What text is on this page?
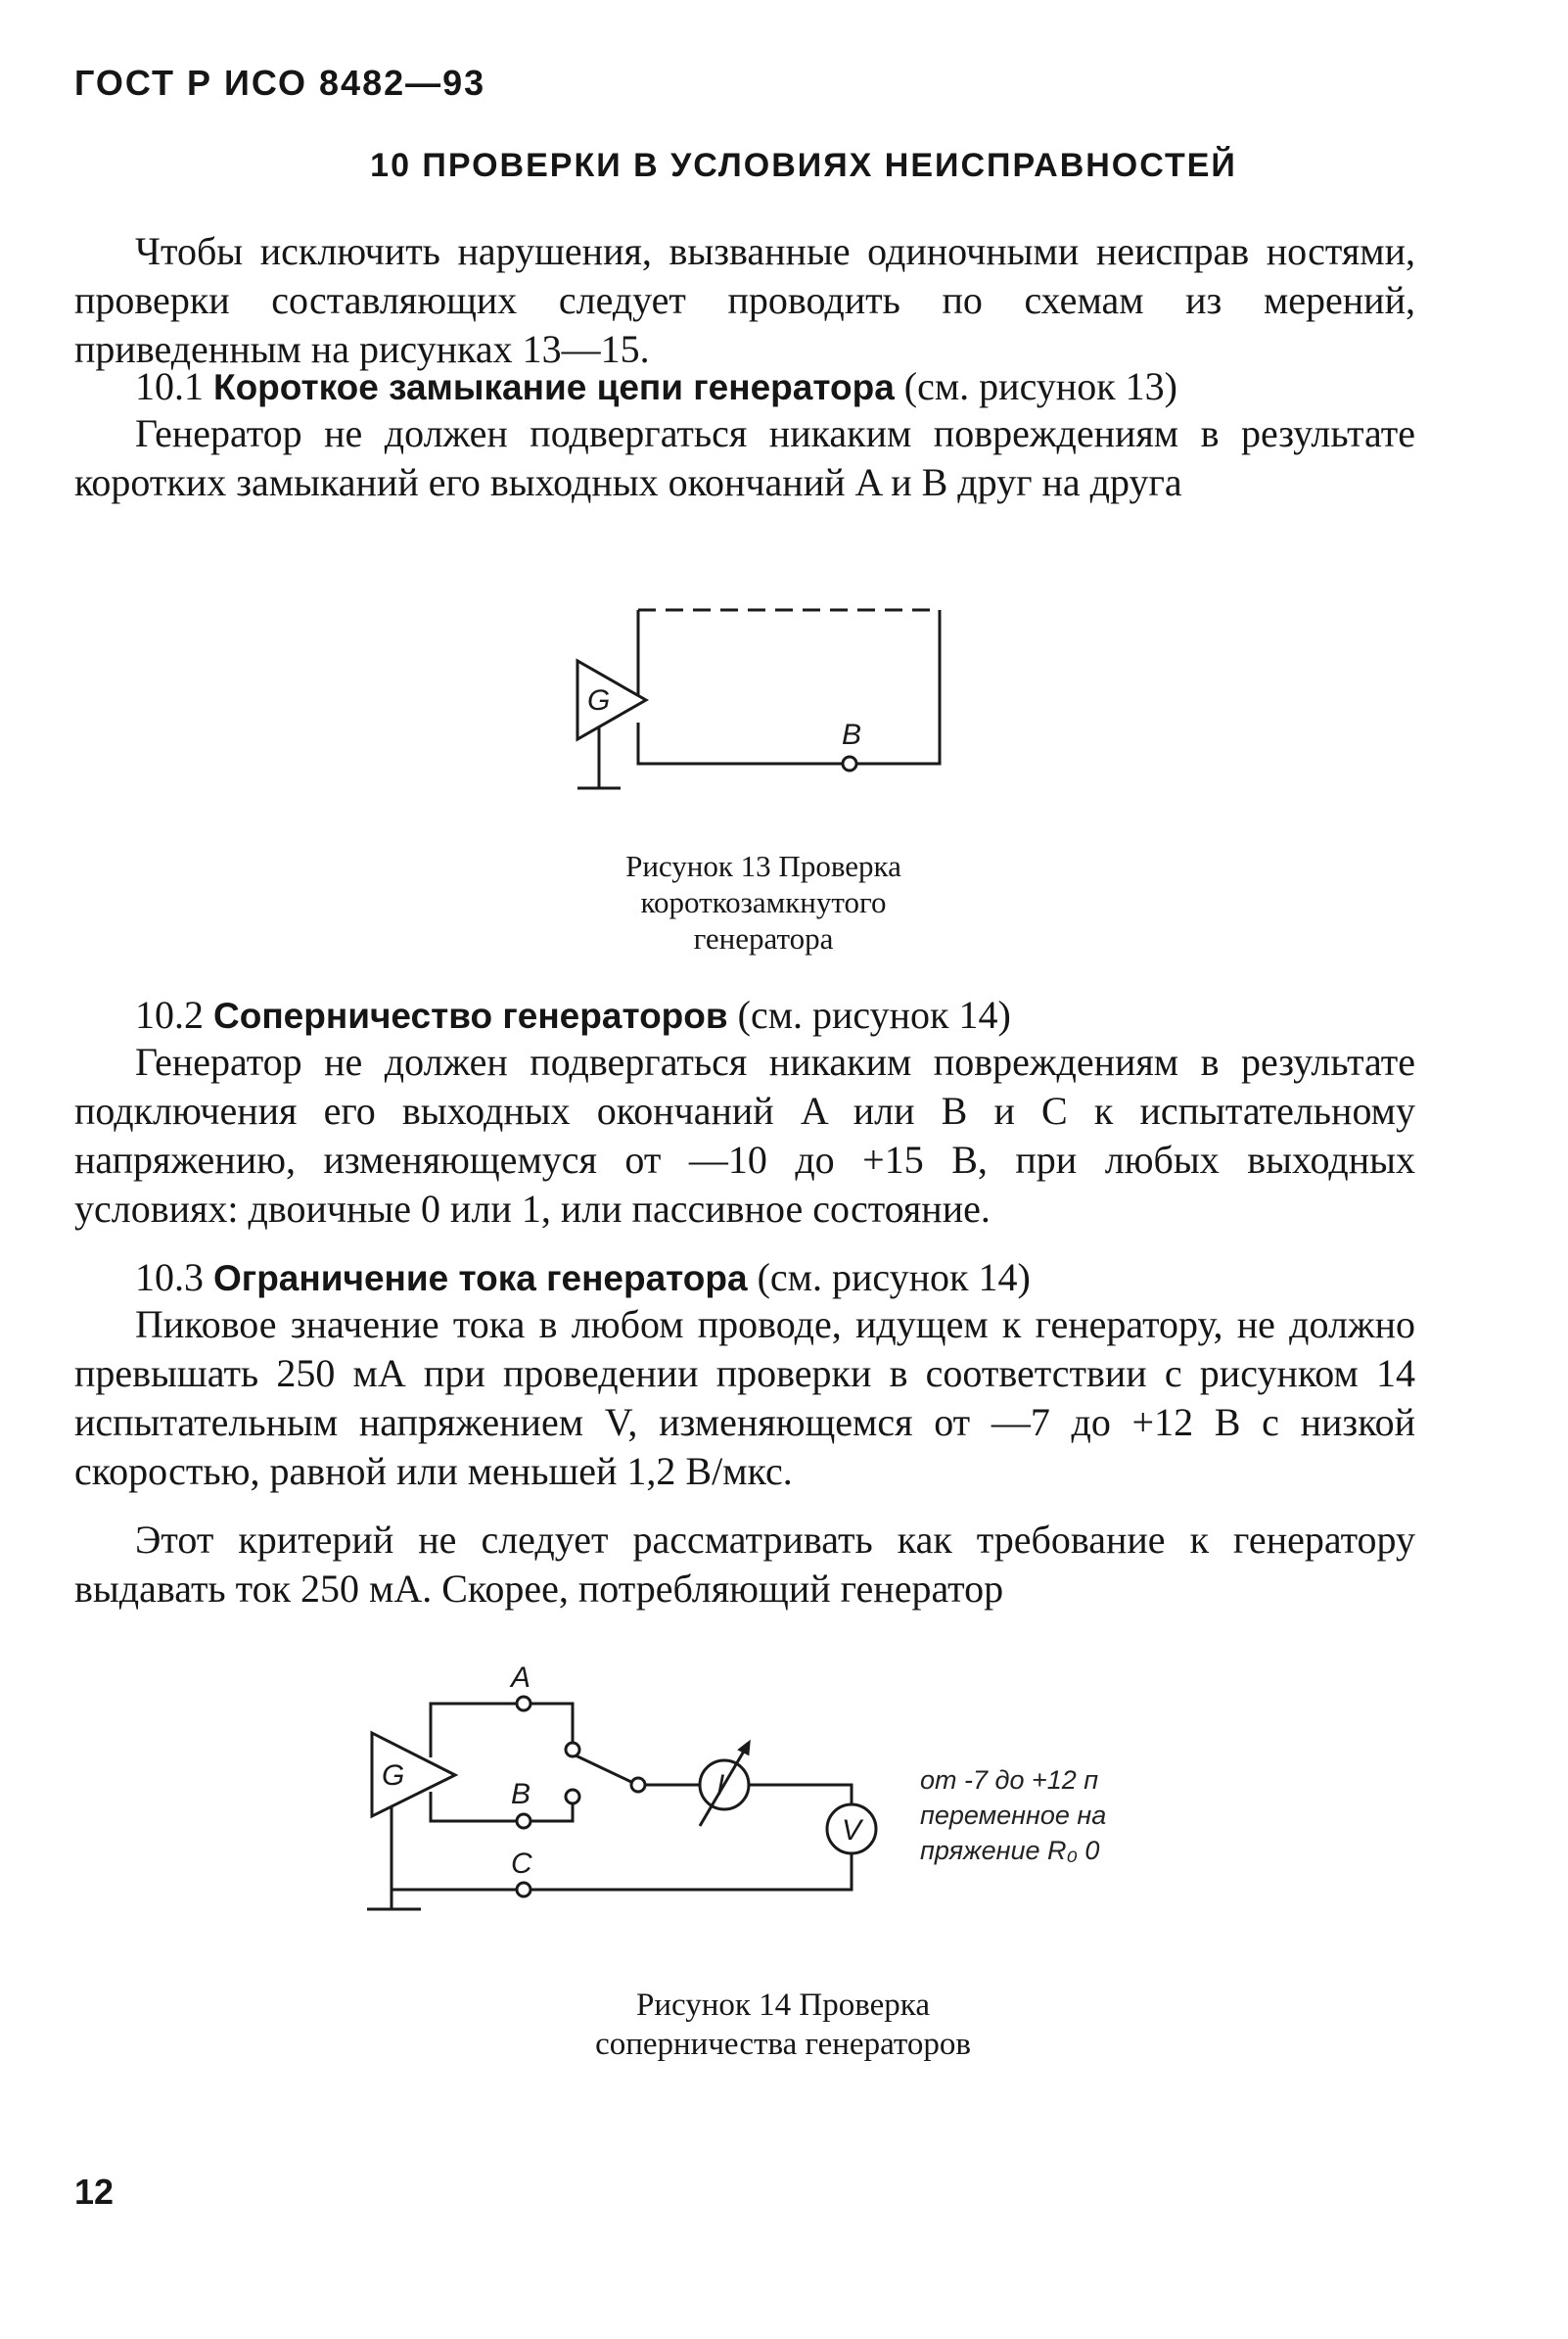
ГОСТ Р ИСО 8482—93
10 ПРОВЕРКИ В УСЛОВИЯХ НЕИСПРАВНОСТЕЙ
Чтобы исключить нарушения, вызванные одиночными неисправ ностями, проверки составляющих следует проводить по схемам из мерений, приведенным на рисунках 13—15.
10.1 Короткое замыкание цепи генератора (см. рисунок 13)
Генератор не должен подвергаться никаким повреждениям в результате коротких замыканий его выходных окончаний A и B друг на друга
G
B
Рисунок 13 Проверка
короткозамкнутого
генератора
10.2 Соперничество генераторов (см. рисунок 14)
Генератор не должен подвергаться никаким повреждениям в результате подключения его выходных окончаний A или B и C к испытательному напряжению, изменяющемуся от —10 до +15 В, при любых выходных условиях: двоичные 0 или 1, или пассивное состояние.
10.3 Ограничение тока генератора (см. рисунок 14)
Пиковое значение тока в любом проводе, идущем к генератору, не должно превышать 250 мА при проведении проверки в соответствии с рисунком 14 испытательным напряжением V, изменяющемся от —7 до +12 В с низкой скоростью, равной или меньшей 1,2 В/мкс.
Этот критерий не следует рассматривать как требование к генератору выдавать ток 250 мА. Скорее, потребляющий генератор
G
A
B	I
V
C
от -7 до +12 п
переменное на
пряжение R₀ 0
Рисунок 14 Проверка
соперничества генераторов
12
